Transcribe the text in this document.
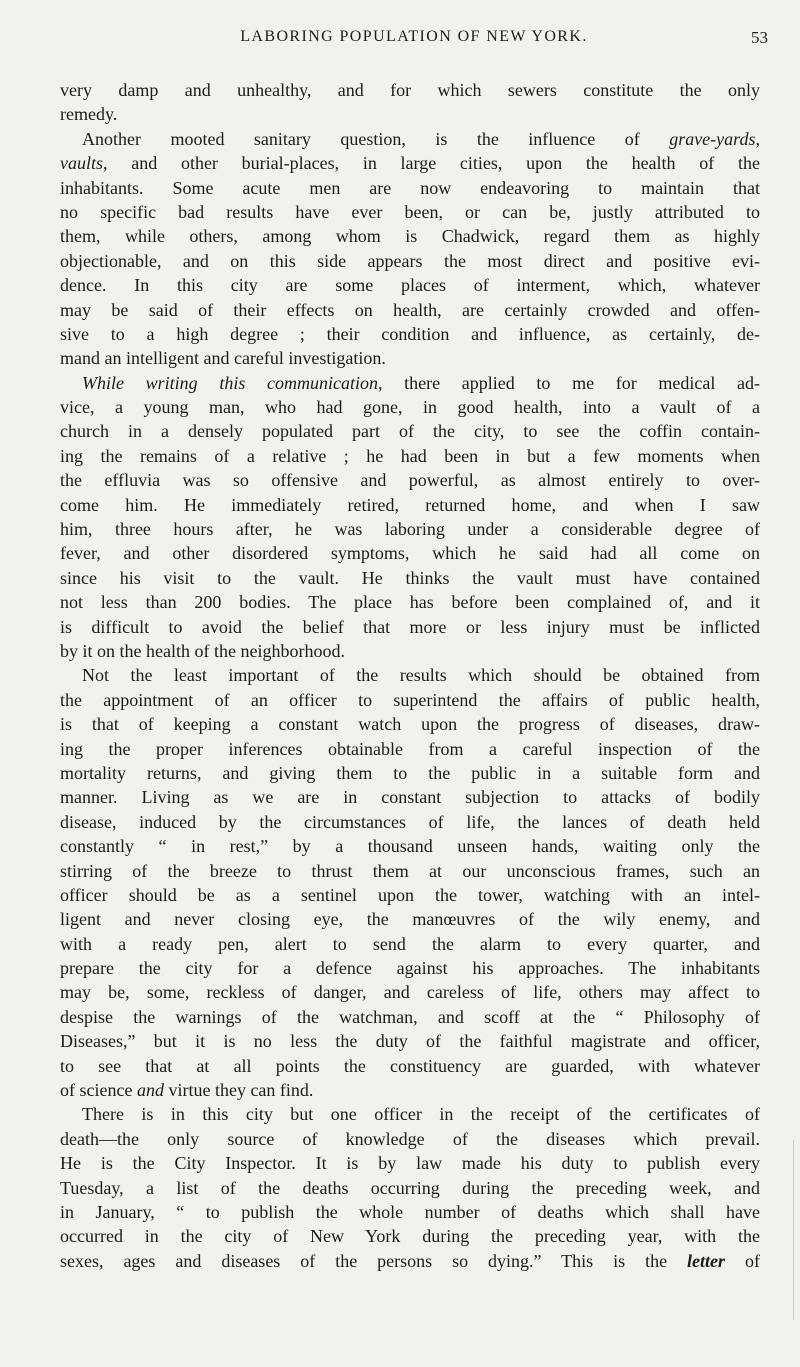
LABORING POPULATION OF NEW YORK.	53
very damp and unhealthy, and for which sewers constitute the only
remedy.
Another mooted sanitary question, is the influence of grave-yards,
vaults, and other burial-places, in large cities, upon the health of the
inhabitants. Some acute men are now endeavoring to maintain that
no specific bad results have ever been, or can be, justly attributed to
them, while others, among whom is Chadwick, regard them as highly
objectionable, and on this side appears the most direct and positive evi-
dence. In this city are some places of interment, which, whatever
may be said of their effects on health, are certainly crowded and offen-
sive to a high degree ; their condition and influence, as certainly, de-
mand an intelligent and careful investigation.
While writing this communication, there applied to me for medical ad-
vice, a young man, who had gone, in good health, into a vault of a
church in a densely populated part of the city, to see the coffin contain-
ing the remains of a relative ; he had been in but a few moments when
the effluvia was so offensive and powerful, as almost entirely to over-
come him. He immediately retired, returned home, and when I saw
him, three hours after, he was laboring under a considerable degree of
fever, and other disordered symptoms, which he said had all come on
since his visit to the vault. He thinks the vault must have contained
not less than 200 bodies. The place has before been complained of, and it
is difficult to avoid the belief that more or less injury must be inflicted
by it on the health of the neighborhood.
Not the least important of the results which should be obtained from
the appointment of an officer to superintend the affairs of public health,
is that of keeping a constant watch upon the progress of diseases, draw-
ing the proper inferences obtainable from a careful inspection of the
mortality returns, and giving them to the public in a suitable form and
manner. Living as we are in constant subjection to attacks of bodily
disease, induced by the circumstances of life, the lances of death held
constantly “ in rest,” by a thousand unseen hands, waiting only the
stirring of the breeze to thrust them at our unconscious frames, such an
officer should be as a sentinel upon the tower, watching with an intel-
ligent and never closing eye, the manœuvres of the wily enemy, and
with a ready pen, alert to send the alarm to every quarter, and
prepare the city for a defence against his approaches. The inhabitants
may be, some, reckless of danger, and careless of life, others may affect to
despise the warnings of the watchman, and scoff at the “ Philosophy of
Diseases,” but it is no less the duty of the faithful magistrate and officer,
to see that at all points the constituency are guarded, with whatever
of science and virtue they can find.
There is in this city but one officer in the receipt of the certificates of
death—the only source of knowledge of the diseases which prevail.
He is the City Inspector. It is by law made his duty to publish every
Tuesday, a list of the deaths occurring during the preceding week, and
in January, “ to publish the whole number of deaths which shall have
occurred in the city of New York during the preceding year, with the
sexes, ages and diseases of the persons so dying.” This is the letter of
